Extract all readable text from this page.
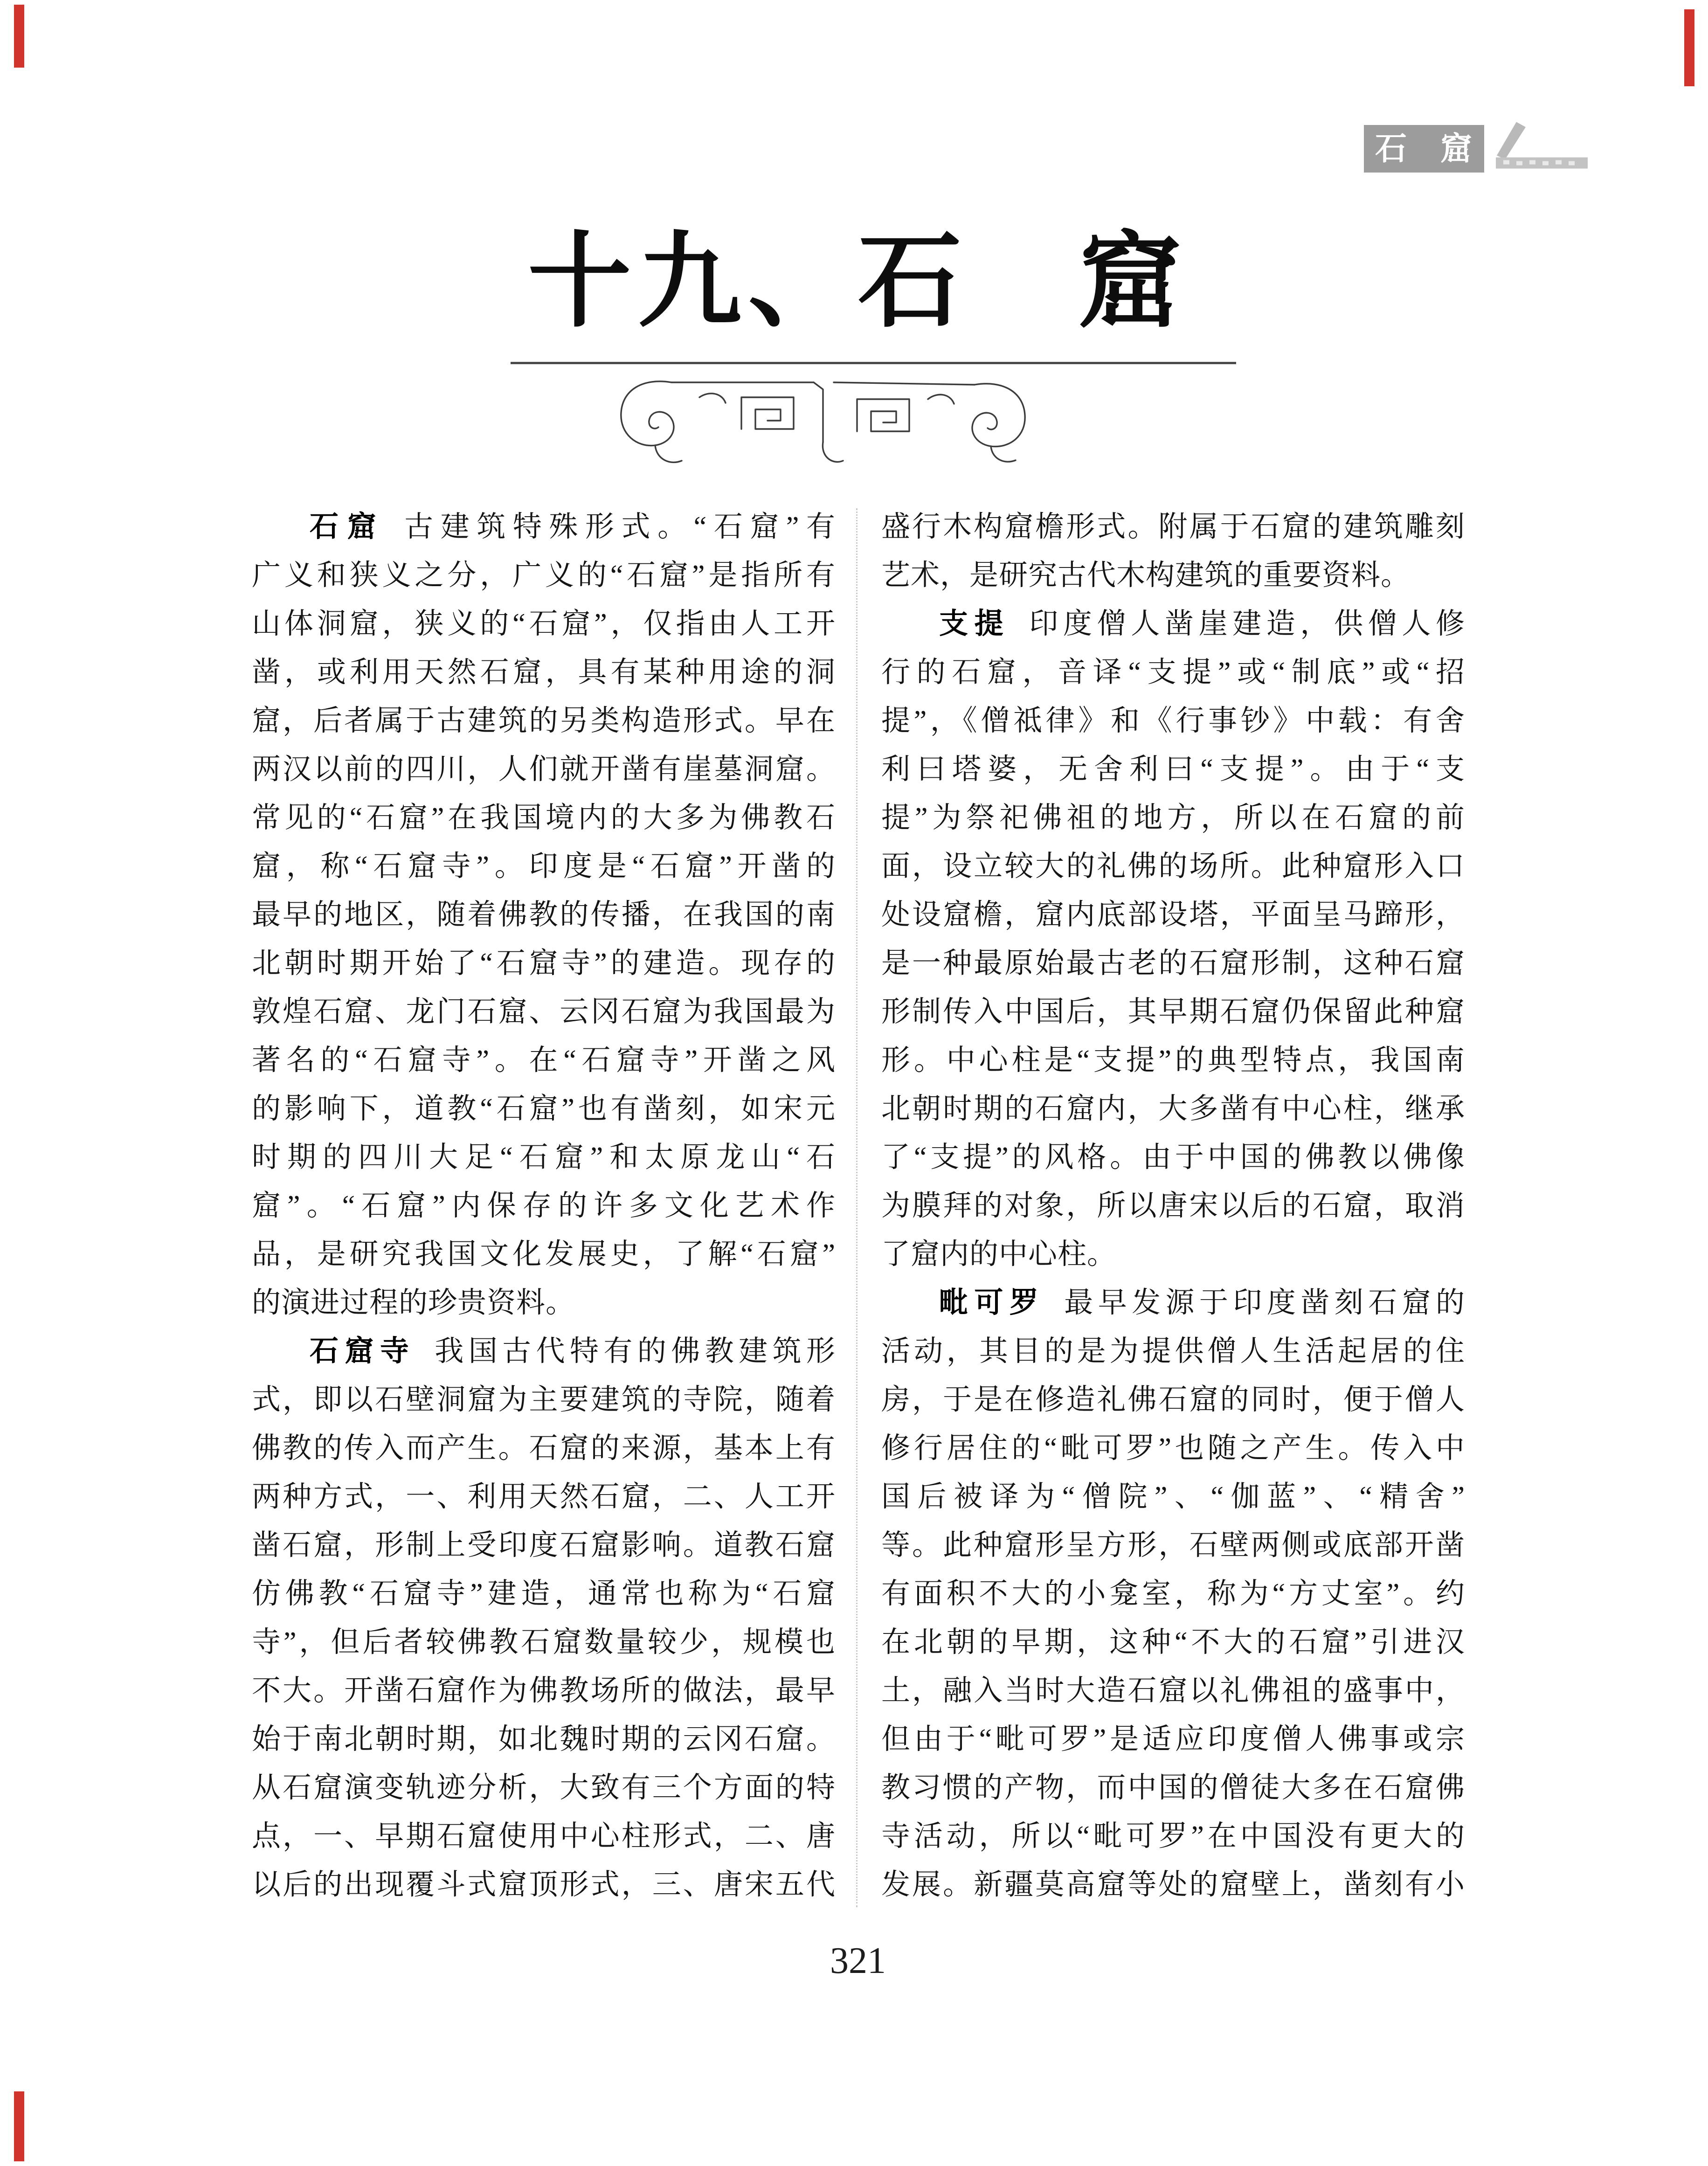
石　窟
十九、石　窟
石窟 古建筑特殊形式。“石窟”有
广义和狭义之分，广义的“石窟”是指所有
山体洞窟，狭义的“石窟”，仅指由人工开
凿，或利用天然石窟，具有某种用途的洞
窟，后者属于古建筑的另类构造形式。早在
两汉以前的四川，人们就开凿有崖墓洞窟。
常见的“石窟”在我国境内的大多为佛教石
窟，称“石窟寺”。印度是“石窟”开凿的
最早的地区，随着佛教的传播，在我国的南
北朝时期开始了“石窟寺”的建造。现存的
敦煌石窟、龙门石窟、云冈石窟为我国最为
著名的“石窟寺”。在“石窟寺”开凿之风
的影响下，道教“石窟”也有凿刻，如宋元
时期的四川大足“石窟”和太原龙山“石
窟”。“石窟”内保存的许多文化艺术作
品，是研究我国文化发展史，了解“石窟”
的演进过程的珍贵资料。
石窟寺 我国古代特有的佛教建筑形
式，即以石壁洞窟为主要建筑的寺院，随着
佛教的传入而产生。石窟的来源，基本上有
两种方式，一、利用天然石窟，二、人工开
凿石窟，形制上受印度石窟影响。道教石窟
仿佛教“石窟寺”建造，通常也称为“石窟
寺”，但后者较佛教石窟数量较少，规模也
不大。开凿石窟作为佛教场所的做法，最早
始于南北朝时期，如北魏时期的云冈石窟。
从石窟演变轨迹分析，大致有三个方面的特
点，一、早期石窟使用中心柱形式，二、唐
以后的出现覆斗式窟顶形式，三、唐宋五代
盛行木构窟檐形式。附属于石窟的建筑雕刻
艺术，是研究古代木构建筑的重要资料。
支提 印度僧人凿崖建造，供僧人修
行的石窟，音译“支提”或“制底”或“招
提”，《僧祗律》和《行事钞》中载：有舍
利曰塔婆，无舍利曰“支提”。由于“支
提”为祭祀佛祖的地方，所以在石窟的前
面，设立较大的礼佛的场所。此种窟形入口
处设窟檐，窟内底部设塔，平面呈马蹄形，
是一种最原始最古老的石窟形制，这种石窟
形制传入中国后，其早期石窟仍保留此种窟
形。中心柱是“支提”的典型特点，我国南
北朝时期的石窟内，大多凿有中心柱，继承
了“支提”的风格。由于中国的佛教以佛像
为膜拜的对象，所以唐宋以后的石窟，取消
了窟内的中心柱。
毗可罗 最早发源于印度凿刻石窟的
活动，其目的是为提供僧人生活起居的住
房，于是在修造礼佛石窟的同时，便于僧人
修行居住的“毗可罗”也随之产生。传入中
国后被译为“僧院”、“伽蓝”、“精舍”
等。此种窟形呈方形，石壁两侧或底部开凿
有面积不大的小龛室，称为“方丈室”。约
在北朝的早期，这种“不大的石窟”引进汉
土，融入当时大造石窟以礼佛祖的盛事中，
但由于“毗可罗”是适应印度僧人佛事或宗
教习惯的产物，而中国的僧徒大多在石窟佛
寺活动，所以“毗可罗”在中国没有更大的
发展。新疆莫高窟等处的窟壁上，凿刻有小
321
